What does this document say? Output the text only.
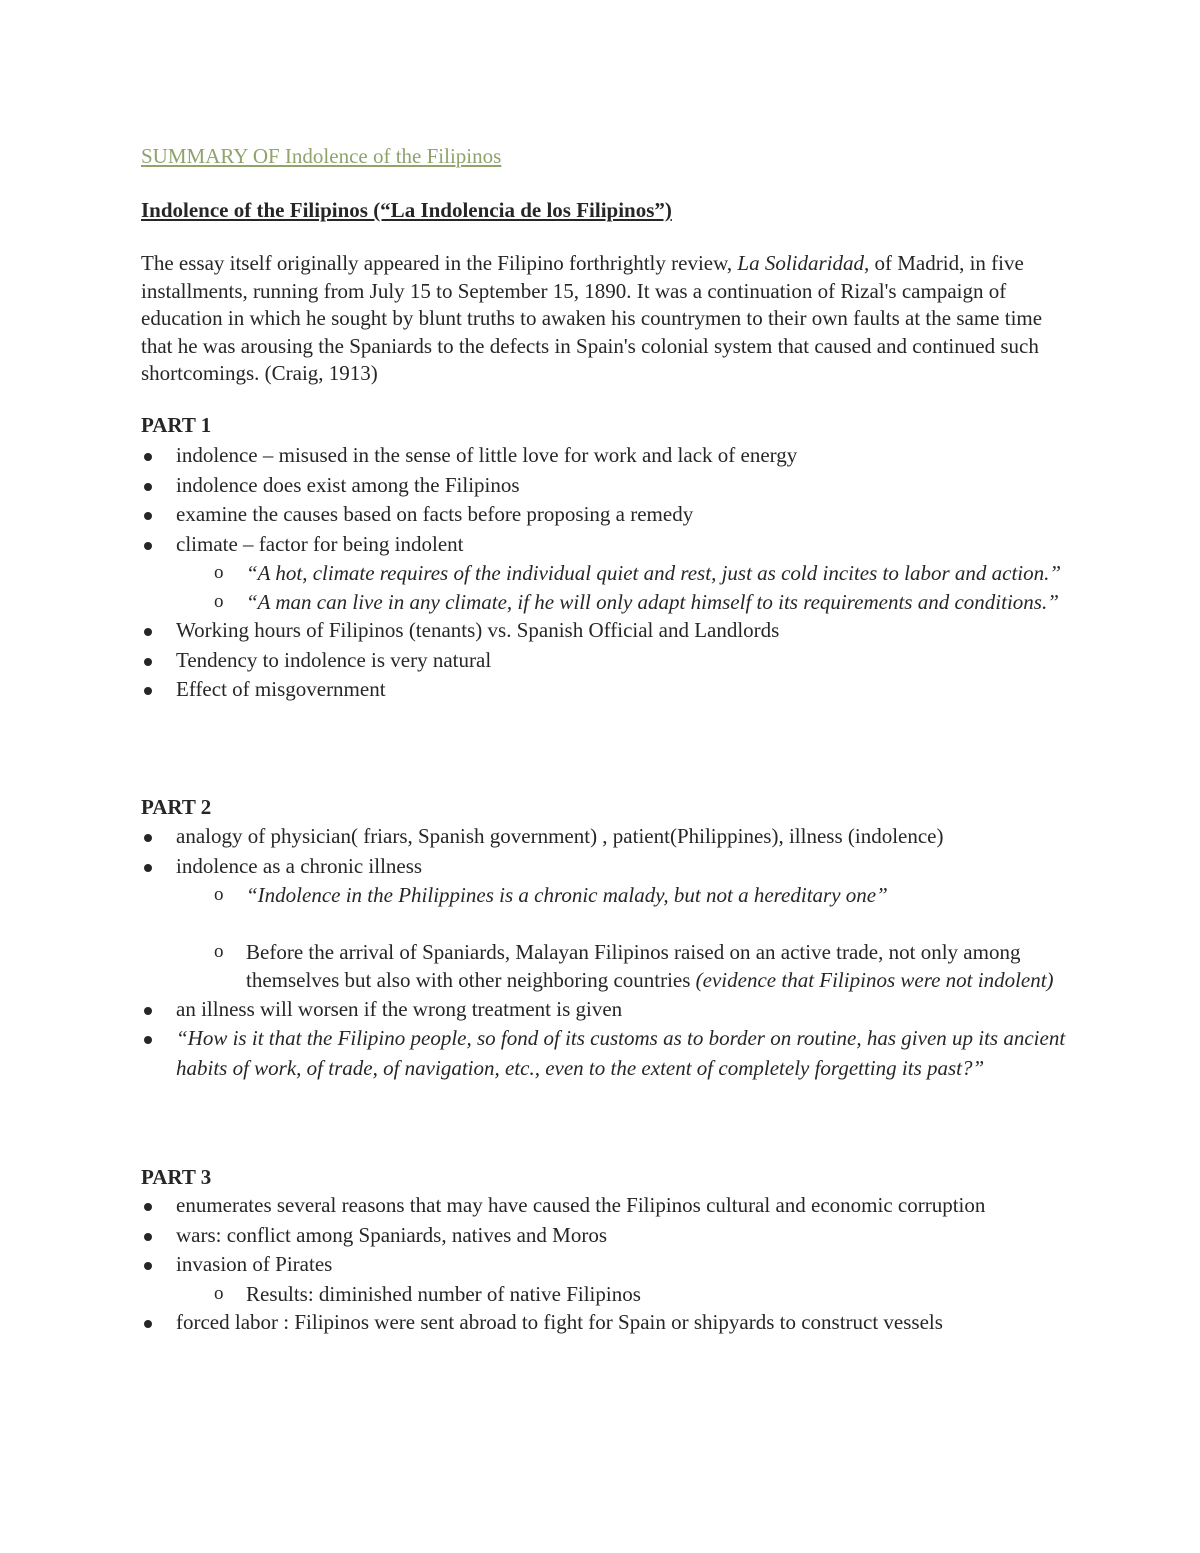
SUMMARY OF Indolence of the Filipinos
Indolence of the Filipinos (“La Indolencia de los Filipinos”)

The essay itself originally appeared in the Filipino forthrightly review, La Solidaridad, of Madrid, in five installments, running from July 15 to September 15, 1890. It was a continuation of Rizal's campaign of education in which he sought by blunt truths to awaken his countrymen to their own faults at the same time that he was arousing the Spaniards to the defects in Spain's colonial system that caused and continued such shortcomings. (Craig, 1913)

PART 1
indolence – misused in the sense of little love for work and lack of energy
indolence does exist among the Filipinos
examine the causes based on facts before proposing a remedy
climate – factor for being indolent
o “A hot, climate requires of the individual quiet and rest, just as cold incites to labor and action.”
o “A man can live in any climate, if he will only adapt himself to its requirements and conditions.”
Working hours of Filipinos (tenants) vs. Spanish Official and Landlords
Tendency to indolence is very natural
Effect of misgovernment
PART 2
analogy of physician( friars, Spanish government) , patient(Philippines), illness (indolence)
indolence as a chronic illness
o “Indolence in the Philippines is a chronic malady, but not a hereditary one”
o Before the arrival of Spaniards, Malayan Filipinos raised on an active trade, not only amongthemselves but also with other neighboring countries (evidence that Filipinos were not indolent)
an illness will worsen if the wrong treatment is given
“How is it that the Filipino people, so fond of its customs as to border on routine, has given up its ancient habits of work, of trade, of navigation, etc., even to the extent of completely forgetting its past?”
PART 3
enumerates several reasons that may have caused the Filipinos cultural and economic corruption
wars: conflict among Spaniards, natives and Moros
invasion of Pirates
o Results: diminished number of native Filipinos
forced labor : Filipinos were sent abroad to fight for Spain or shipyards to construct vessels
